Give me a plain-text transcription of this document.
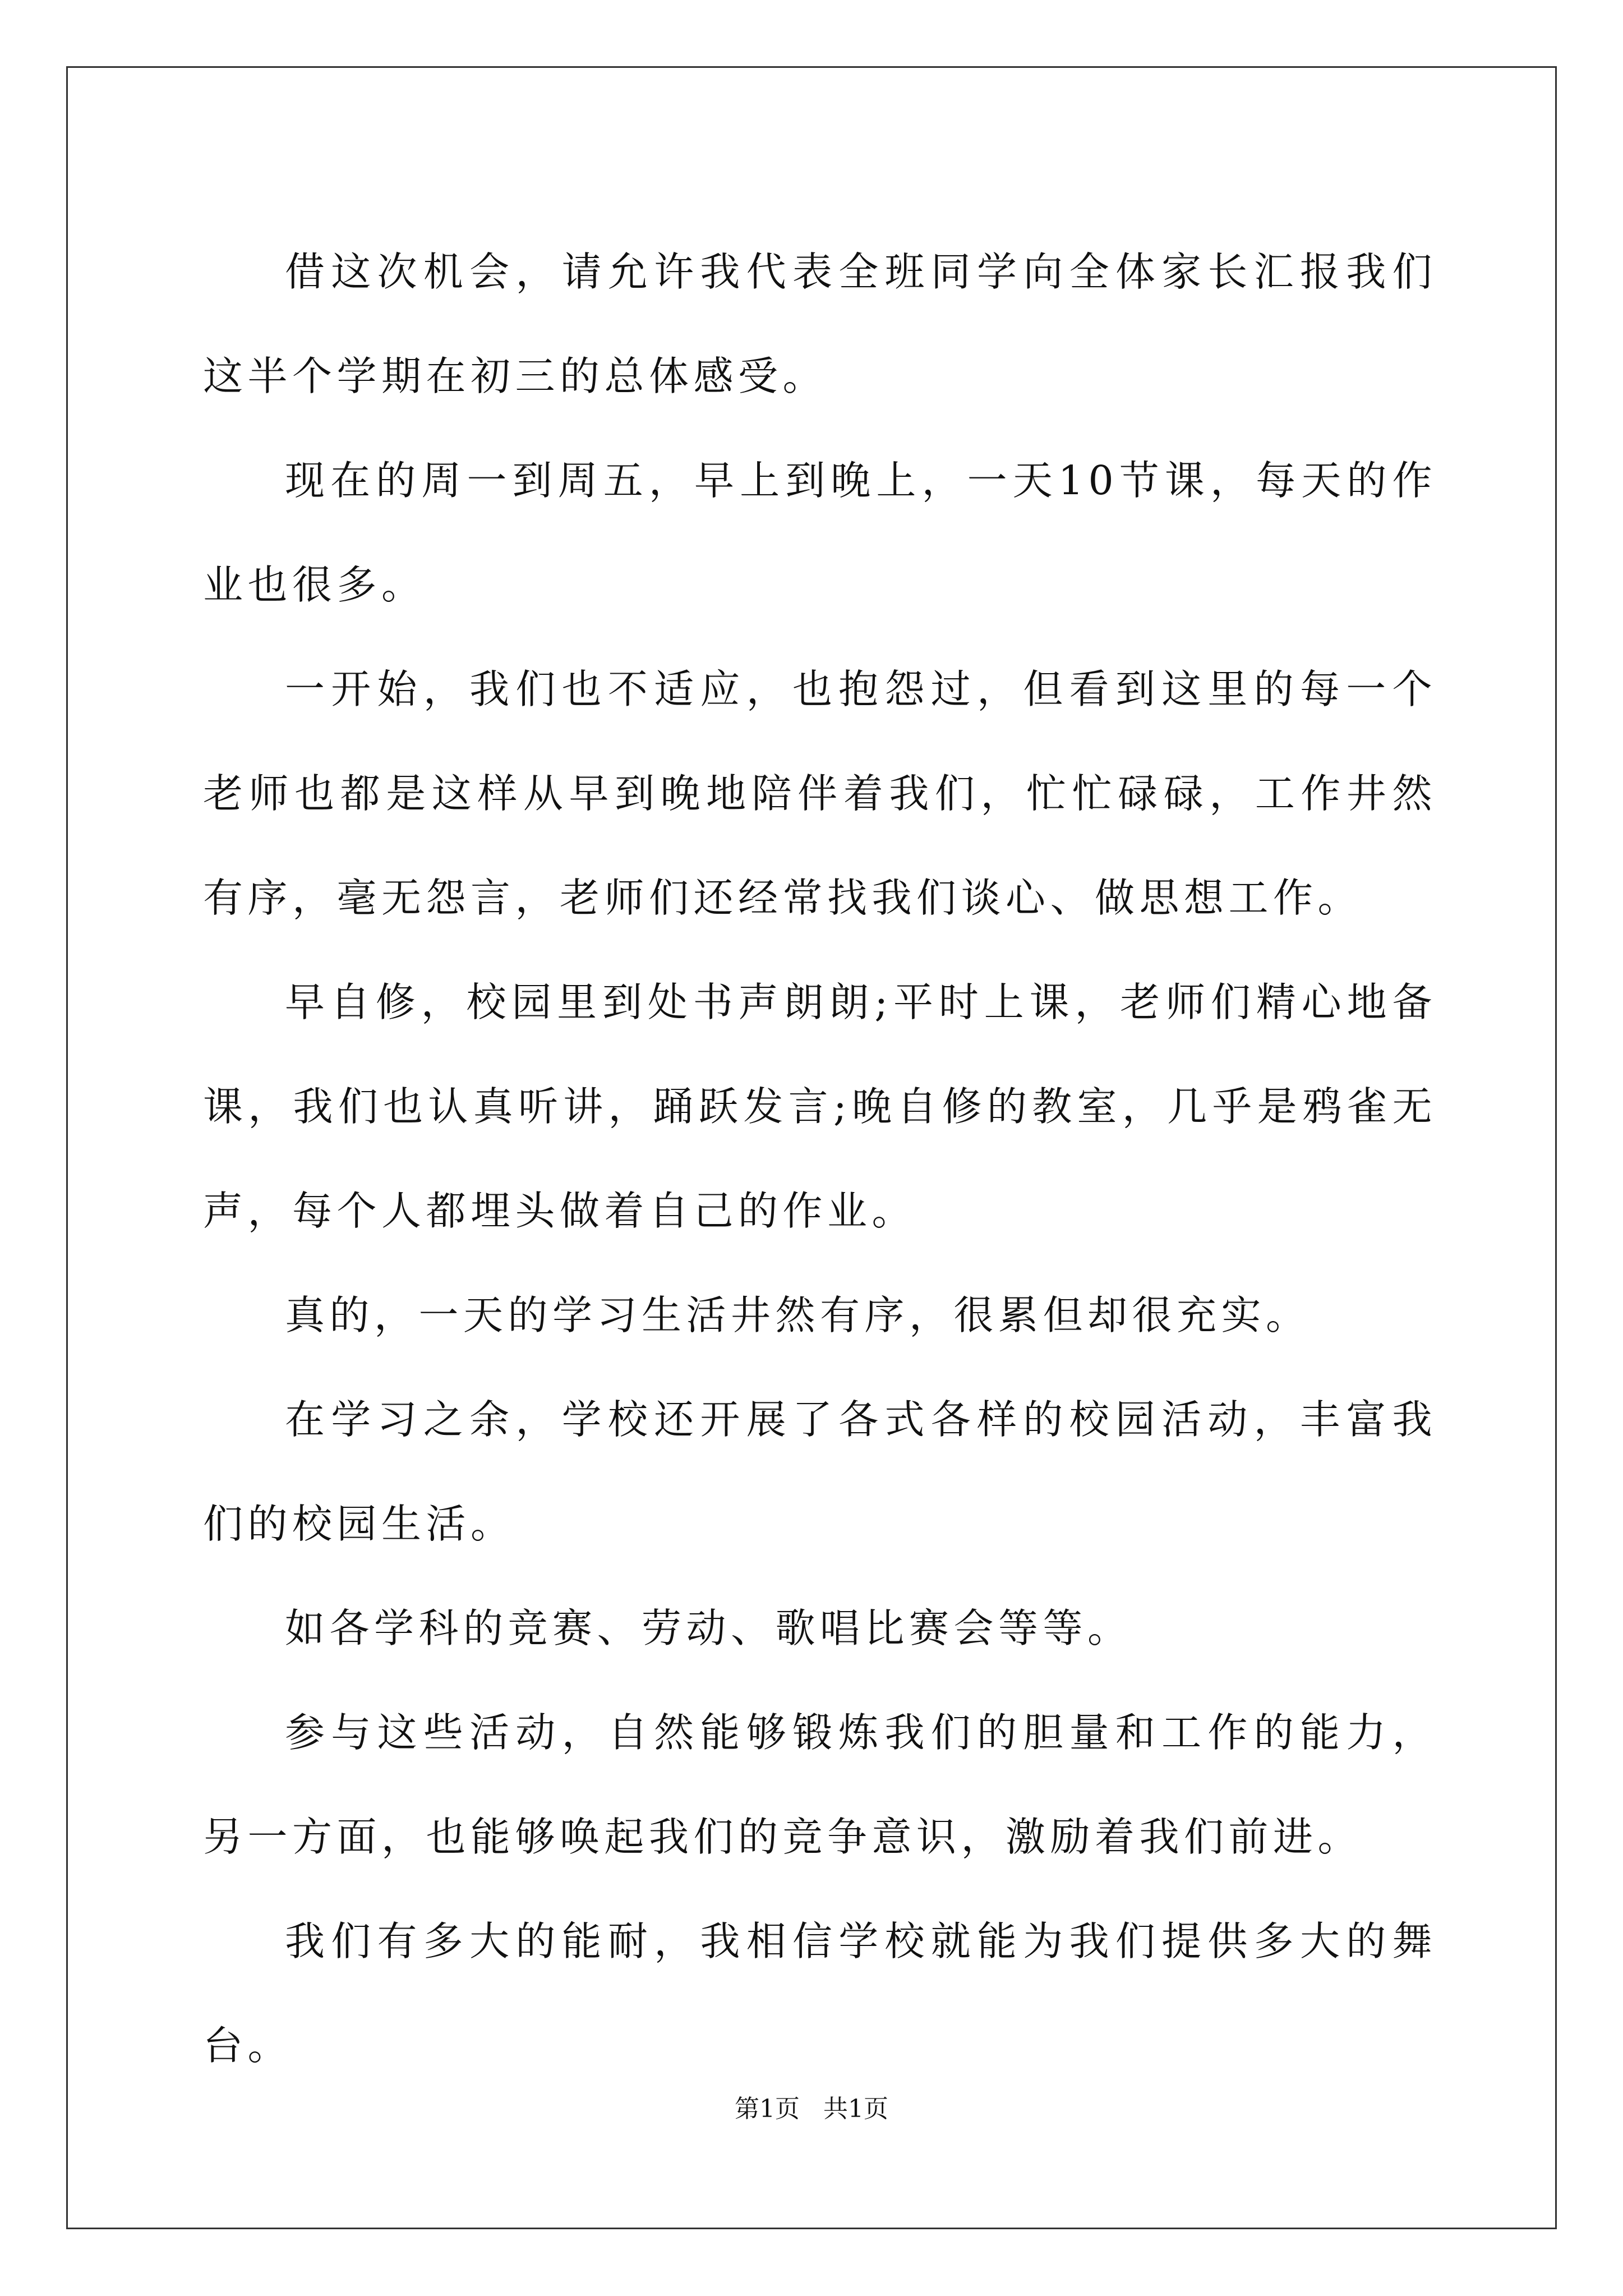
借这次机会，请允许我代表全班同学向全体家长汇报我们这半个学期在初三的总体感受。

现在的周一到周五，早上到晚上，一天10节课，每天的作业也很多。

一开始，我们也不适应，也抱怨过，但看到这里的每一个老师也都是这样从早到晚地陪伴着我们，忙忙碌碌，工作井然有序，毫无怨言，老师们还经常找我们谈心、做思想工作。

早自修，校园里到处书声朗朗;平时上课，老师们精心地备课，我们也认真听讲，踊跃发言;晚自修的教室，几乎是鸦雀无声，每个人都埋头做着自己的作业。

真的，一天的学习生活井然有序，很累但却很充实。

在学习之余，学校还开展了各式各样的校园活动，丰富我们的校园生活。

如各学科的竞赛、劳动、歌唱比赛会等等。

参与这些活动，自然能够锻炼我们的胆量和工作的能力，另一方面，也能够唤起我们的竞争意识，激励着我们前进。

我们有多大的能耐，我相信学校就能为我们提供多大的舞台。

第1页 共1页
